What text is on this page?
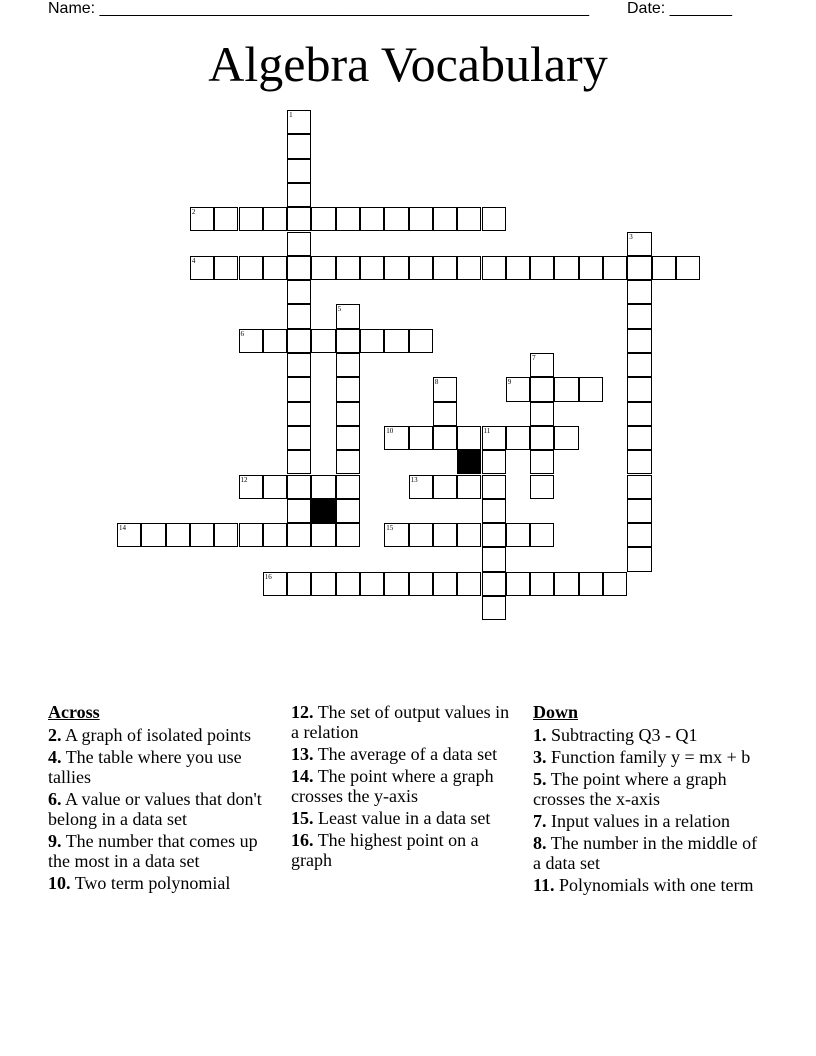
Name: _______________________________________________________ Date: _______
Algebra Vocabulary
2
4
6
9
10	11
12	13
14	15
16
1
3
5
7
8
Across
2. A graph of isolated points
4. The table where you use tallies
6. A value or values that don't belong in a data set
9. The number that comes up the most in a data set
10. Two term polynomial
12. The set of output values in a relation
13. The average of a data set
14. The point where a graph crosses the y-axis
15. Least value in a data set
16. The highest point on a graph
Down
1. Subtracting Q3 - Q1
3. Function family y = mx + b
5. The point where a graph crosses the x-axis
7. Input values in a relation
8. The number in the middle of a data set
11. Polynomials with one term
